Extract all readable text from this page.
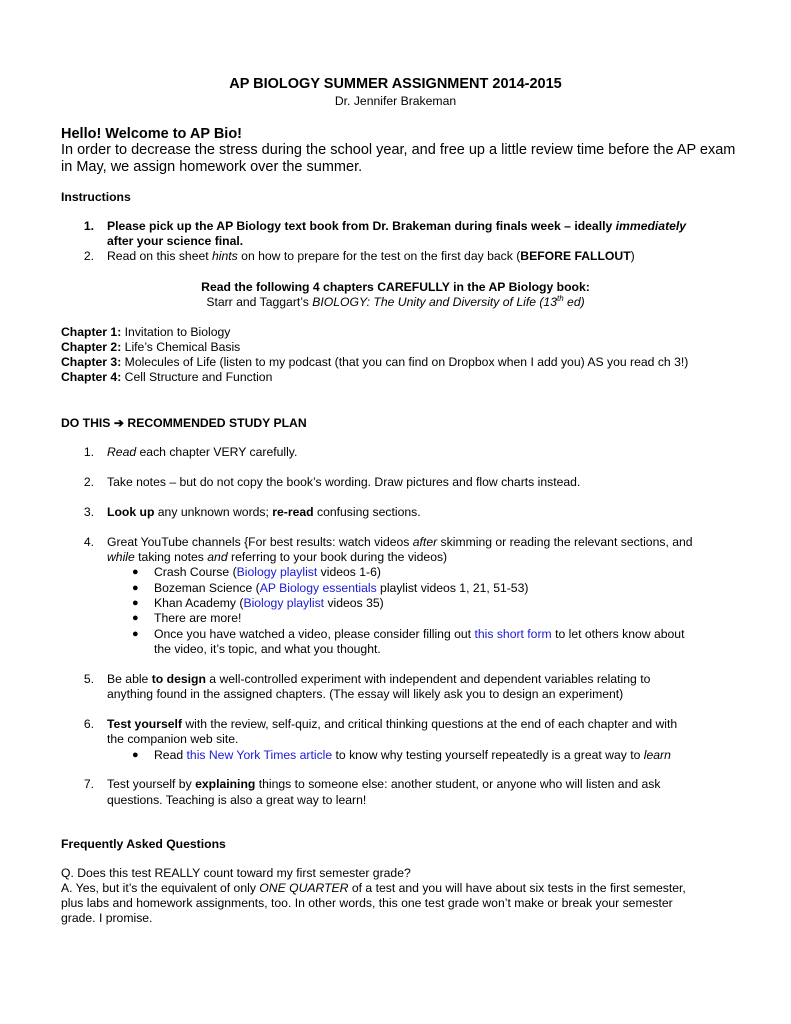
AP BIOLOGY SUMMER ASSIGNMENT 2014-2015
Dr. Jennifer Brakeman
Hello! Welcome to AP Bio!
In order to decrease the stress during the school year, and free up a little review time before the AP exam
in May, we assign homework over the summer.
Instructions
1. Please pick up the AP Biology text book from Dr. Brakeman during finals week – ideally immediately
after your science final.
2. Read on this sheet hints on how to prepare for the test on the first day back (BEFORE FALLOUT)
Read the following 4 chapters CAREFULLY in the AP Biology book:
Starr and Taggart’s BIOLOGY: The Unity and Diversity of Life (13th ed)
Chapter 1: Invitation to Biology
Chapter 2: Life’s Chemical Basis
Chapter 3: Molecules of Life (listen to my podcast (that you can find on Dropbox when I add you) AS you read ch 3!)
Chapter 4: Cell Structure and Function
DO THIS ➔ RECOMMENDED STUDY PLAN
1. Read each chapter VERY carefully.
2. Take notes – but do not copy the book’s wording. Draw pictures and flow charts instead.
3. Look up any unknown words; re-read confusing sections.
4. Great YouTube channels {For best results: watch videos after skimming or reading the relevant sections, and
while taking notes and referring to your book during the videos)
● Crash Course (Biology playlist videos 1-6)
● Bozeman Science (AP Biology essentials playlist videos 1, 21, 51-53)
● Khan Academy (Biology playlist videos 35)
● There are more!
● Once you have watched a video, please consider filling out this short form to let others know about
the video, it’s topic, and what you thought.
5. Be able to design a well-controlled experiment with independent and dependent variables relating to
anything found in the assigned chapters. (The essay will likely ask you to design an experiment)
6. Test yourself with the review, self-quiz, and critical thinking questions at the end of each chapter and with
the companion web site.
● Read this New York Times article to know why testing yourself repeatedly is a great way to learn
7. Test yourself by explaining things to someone else: another student, or anyone who will listen and ask
questions. Teaching is also a great way to learn!
Frequently Asked Questions
Q. Does this test REALLY count toward my first semester grade?
A. Yes, but it’s the equivalent of only ONE QUARTER of a test and you will have about six tests in the first semester,
plus labs and homework assignments, too. In other words, this one test grade won’t make or break your semester
grade. I promise.
